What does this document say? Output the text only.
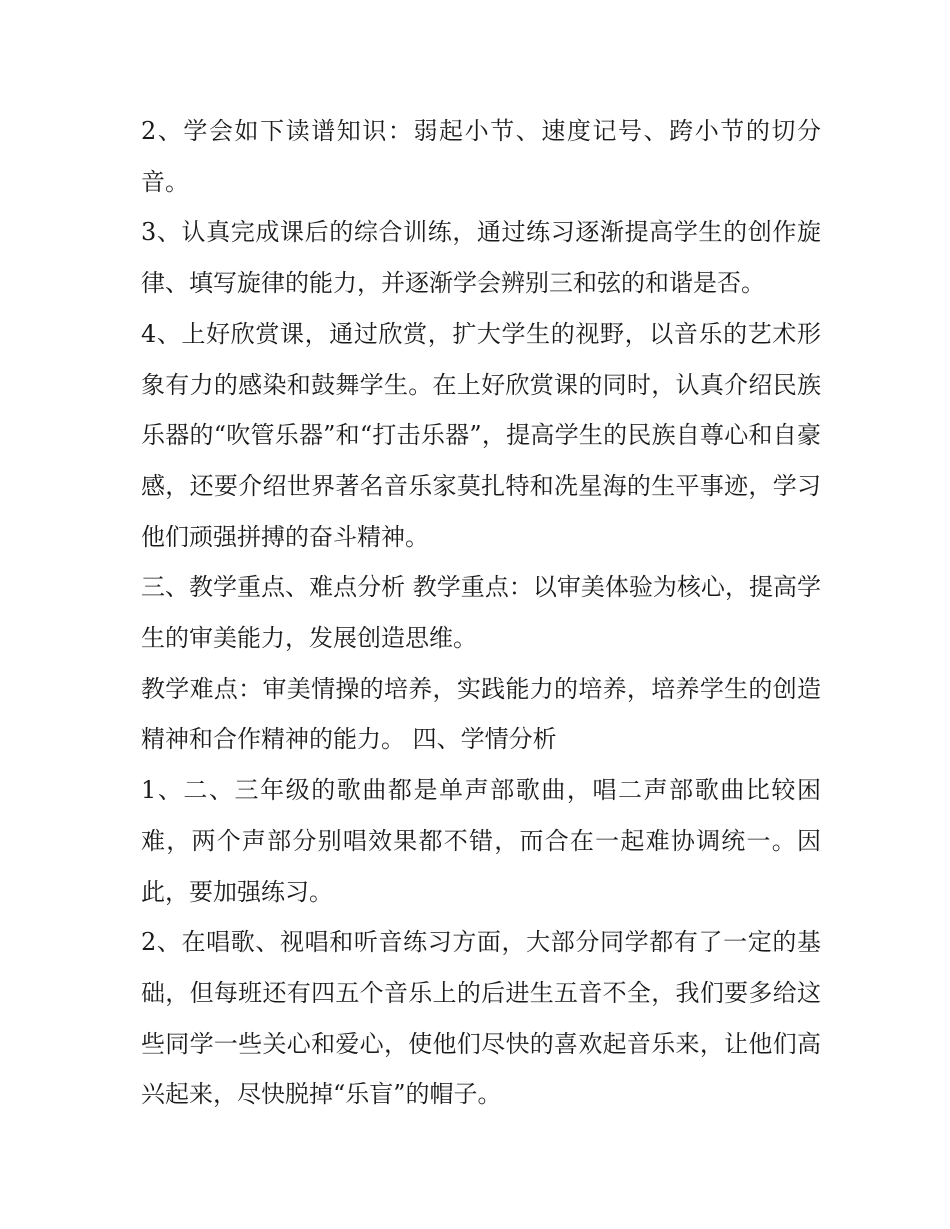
2、学会如下读谱知识：弱起小节、速度记号、跨小节的切分音。

3、认真完成课后的综合训练，通过练习逐渐提高学生的创作旋律、填写旋律的能力，并逐渐学会辨别三和弦的和谐是否。

4、上好欣赏课，通过欣赏，扩大学生的视野，以音乐的艺术形象有力的感染和鼓舞学生。在上好欣赏课的同时，认真介绍民族乐器的“吹管乐器”和“打击乐器”，提高学生的民族自尊心和自豪感，还要介绍世界著名音乐家莫扎特和冼星海的生平事迹，学习他们顽强拼搏的奋斗精神。

三、教学重点、难点分析 教学重点：以审美体验为核心，提高学生的审美能力，发展创造思维。

教学难点：审美情操的培养，实践能力的培养，培养学生的创造精神和合作精神的能力。 四、学情分析

1、二、三年级的歌曲都是单声部歌曲，唱二声部歌曲比较困难，两个声部分别唱效果都不错，而合在一起难协调统一。因此，要加强练习。

2、在唱歌、视唱和听音练习方面，大部分同学都有了一定的基础，但每班还有四五个音乐上的后进生五音不全，我们要多给这些同学一些关心和爱心，使他们尽快的喜欢起音乐来，让他们高兴起来，尽快脱掉“乐盲”的帽子。
